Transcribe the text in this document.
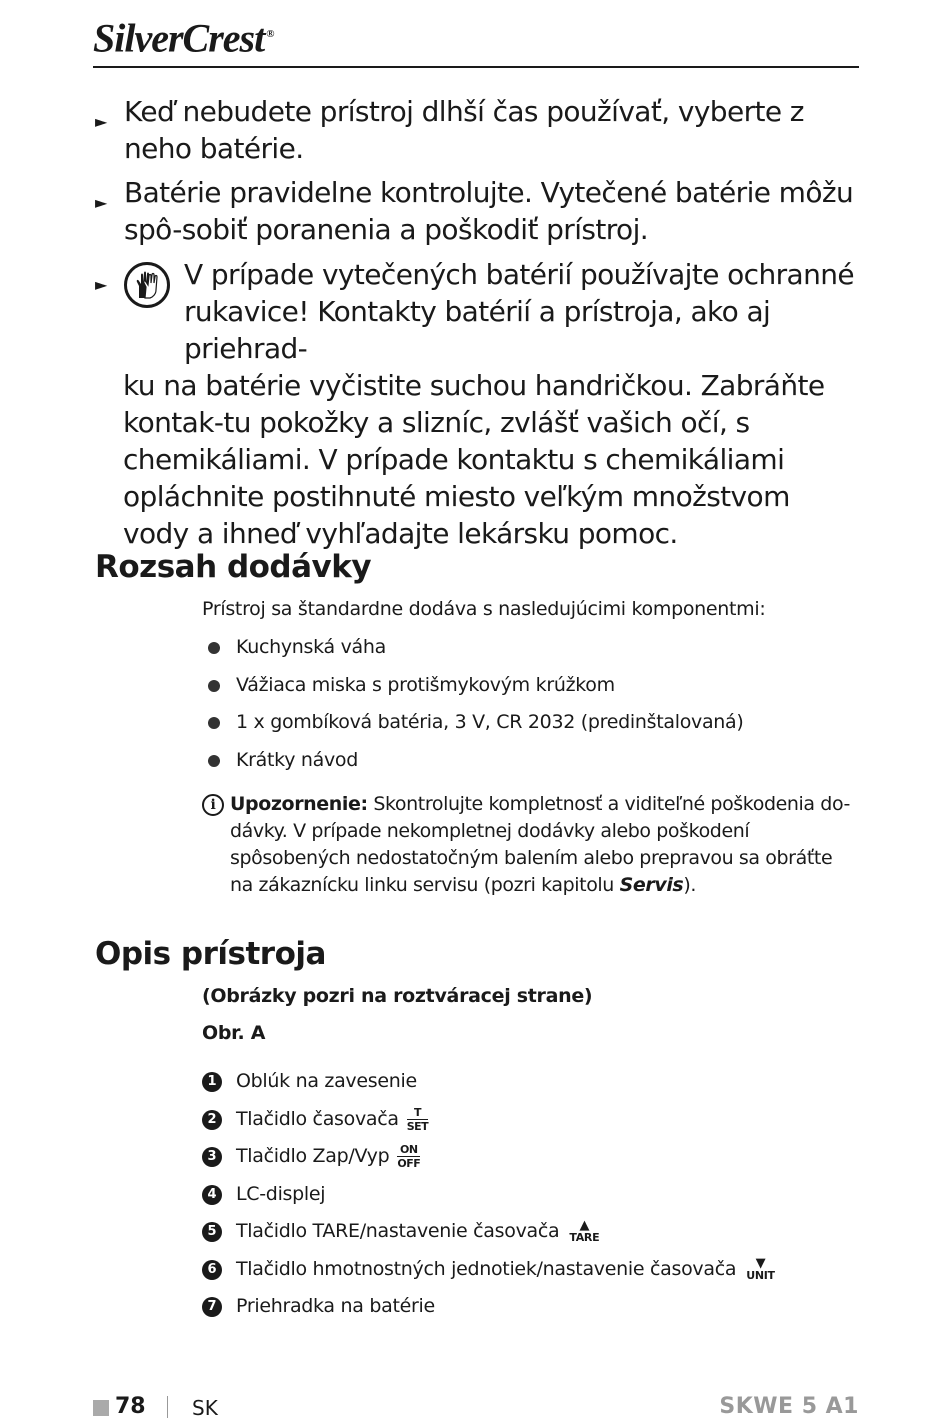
SilverCrest ®
► Keď nebudete prístroj dlhší čas používať, vyberte z neho batérie.
► Batérie pravidelne kontrolujte. Vytečené batérie môžu spô-sobiť poranenia a poškodiť prístroj.
►	V prípade vytečených batérií používajte ochranné
rukavice! Kontakty batérií a prístroja, ako aj priehrad-
ku na batérie vyčistite suchou handričkou. Zabráňte kontak-tu pokožky a slizníc, zvlášť vašich očí, s chemikáliami. V prípade kontaktu s chemikáliami opláchnite postihnuté miesto veľkým množstvom vody a ihneď vyhľadajte lekársku pomoc.
Rozsah dodávky
Prístroj sa štandardne dodáva s nasledujúcimi komponentmi:
Kuchynská váha
Vážiaca miska s protišmykovým krúžkom
1 x gombíková batéria, 3 V, CR 2032 (predinštalovaná)
Krátky návod
i Upozornenie: Skontrolujte kompletnosť a viditeľné poškodenia do-dávky. V prípade nekompletnej dodávky alebo poškodení spôsobených nedostatočným balením alebo prepravou sa obráťte na zákaznícku linku servisu (pozri kapitolu Servis).
Opis prístroja
(Obrázky pozri na roztváracej strane)
Obr. A
1 Oblúk na zavesenie
2 Tlačidlo časovača	T
SET
3 Tlačidlo Zap/Vyp ON
OFF
4 LC-displej
5 Tlačidlo TARE/nastavenie časovača	▲
TARE
6 Tlačidlo hmotnostných jednotiek/nastavenie časovača	▼
UNIT
7 Priehradka na batérie
78 SK	SKWE 5 A1
